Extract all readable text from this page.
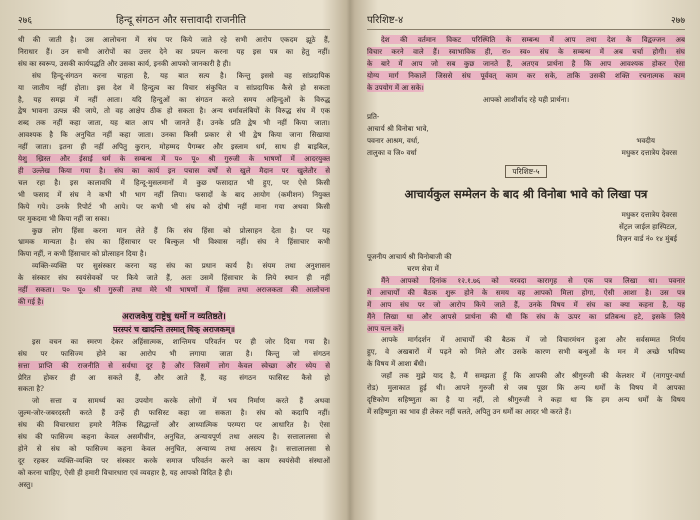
२७६	हिन्दू संगठन और सत्तावादी राजनीति
थी की जाती है। उस आलोचना में संघ पर किये जाते रहे सभी आरोप एकदम झूठे हैं,
निराधार हैं। उन सभी आरोपों का उत्तर देने का प्रयत्न करना यह इस पत्र का हेतु नहीं।
संघ का स्वरूप, उसकी कार्यपद्धति और उसका कार्य, इनकी आपको जानकारी है ही।
संघ हिन्दू-संगठन करना चाहता है, यह बात सत्य है। किन्तु इससे वह सांप्रदायिक
या जातीय नहीं होता। इस देश में हिन्दुत्व का विचार संकुचित व सांप्रदायिक कैसे हो सकता
है, यह समझ में नहीं आता। यदि हिन्दुओं का संगठन करते समय अहिन्दुओं के विरुद्ध
द्वेष भावना उत्पन्न की जाये, तो वह आक्षेप ठीक हो सकता है। अन्य धर्मावलंबियों के विरुद्ध संघ में एक
शब्द तक नहीं कहा जाता, यह बात आप भी जानते हैं। उनके प्रति द्वेष भी नहीं किया जाता।
आवश्यक है कि अनुचित नहीं कहा जाता। उनका किसी प्रकार से भी द्वेष किया जाना सिखाया
नहीं जाता। इतना ही नहीं अपितु कुरान, मोहम्मद पैगम्बर और इस्लाम धर्म, साथ ही बाइबिल,
येशु ख्रिस्त और ईसाई धर्म के सम्बन्ध में प० पू० श्री गुरुजी के भाषणों में आदरयुक्त
ही उल्लेख किया गया है। संघ का कार्य इन पचास वर्षों से खुले मैदान पर खुलेतौर से
चल रहा है। इस कालावधि में हिन्दू-मुसलमानों में कुछ फसादात भी हुए, पर ऐसे किसी
भी फसाद में संघ ने कभी भी भाग नहीं लिया। फसादों के बाद आयोग (कमीशन) नियुक्त
किये गये। उनके रिपोर्ट भी आये। पर कभी भी संघ को दोषी नहीं माना गया अथवा किसी
पर मुकदमा भी किया नहीं जा सका।
कुछ लोग हिंसा करना मान लेते हैं कि संघ हिंसा को प्रोत्साहन देता है। पर यह
भ्रामक मान्यता है। संघ का हिंसाचार पर बिल्कुल भी विश्वास नहीं। संघ ने हिंसाचार कभी
किया नहीं, न कभी हिंसाचार को प्रोत्साहन दिया है।
व्यक्ति-व्यक्ति पर सुसंस्कार करना यह संघ का प्रधान कार्य है। संयम तथा अनुशासन
के संस्कार संघ स्वयंसेवकों पर किये जाते हैं, अतः उसमें हिंसाचार के लिये स्थान ही नहीं
नहीं सकता। प० पू० श्री गुरुजी तथा मेरे भी भाषणों में हिंसा तथा अराजकता की आलोचना
की गई है।

अराजकेषु राष्ट्रेषु धर्मो न व्यतिष्ठते।

परस्परं च खादन्ति तस्मात् धिक् अराजकम्॥

इस वचन का स्मरण देकर अहिंसात्मक, शान्तिमय परिवर्तन पर ही जोर दिया गया है।
संघ पर फासिज्म होने का आरोप भी लगाया जाता है। किन्तु जो संगठन
सत्ता प्राप्ति की राजनीति से सर्वथा दूर है और जिसमें लोग केवल स्वेच्छा और ध्येय से
प्रेरित होकर ही आ सकते हैं, और आते हैं, वह संगठन फासिस्ट कैसे हो
सकता है?
जो सत्ता व सामर्थ्य का उपयोग करके लोगों में भय निर्माण करते हैं अथवा
जुल्म-जोर-जबरदस्ती करते हैं उन्हें ही फासिस्ट कहा जा सकता है। संघ को कदापि नहीं।
संघ की विचारधारा हमारे नैतिक सिद्धान्तों और आध्यात्मिक परम्परा पर आधारित है। ऐसा
संघ की फासिज्म कहना केवल असमीचीन, अनुचित, अन्यायपूर्ण तथा असत्य है। सत्तालालसा से
होने से संघ को फासिज्म कहना केवल अनुचित, अन्याय्य तथा असत्य है। सत्तालालसा से
दूर रहकर व्यक्ति-व्यक्ति पर संस्कार करके समाज परिवर्तन करने का काम स्वयंसेवी संस्थाओं
को करना चाहिए, ऐसी ही हमारी विचारधारा एवं व्यवहार है, यह आपको विदित है ही।
अस्तु।
परिशिष्ट-४	२७७
देश की वर्तमान विकट परिस्थिति के सम्बन्ध में आप तथा देश के विद्वज्जन अब
विचार करने वाले हैं। स्वाभाविक ही, रा० स्व० संघ के सम्बन्ध में अब चर्चा होगी। संघ
के बारे में आप जो सब कुछ जानते हैं, अतएव प्रार्थना है कि आप आवश्यक होकर ऐसा
योग्य मार्ग निकालें जिससे संघ पूर्ववत् काम कर सके, ताकि उसकी शक्ति रचनात्मक काम
के उपयोग में आ सके।

आपको आशीर्वाद रहे यही प्रार्थना।

प्रति-

आचार्य श्री विनोबा भावे,
पवनार आश्रम, वर्धा,	भवदीय
तालुका व जि० वर्धा	मधुकर दत्तात्रेय देवरस

परिशिष्ट-५

आचार्यकुल सम्मेलन के बाद श्री विनोबा भावे को लिखा पत्र

मधुकर दत्तात्रेय देवरस
सेंट्रल जाईल हास्पिटल,
विज़न वार्ड नं० १४ मुंबई

पूजनीय आचार्य श्री विनोबाजी की

चरण सेवा में

मैंने आपको दिनांक १२.१.७६ को यरवदा कारागृह से एक पत्र लिखा था। पवनार
में आचार्यों की बैठक शुरू होने के समय वह आपको मिला होगा, ऐसी आशा है। उस पत्र
में आप संघ पर जो आरोप किये जाते हैं, उनके विषय में संघ का क्या कहना है, यह
मैंने लिखा था और आपसे प्रार्थना की थी कि संघ के ऊपर का प्रतिबन्ध हटे, इसके लिये
आप यत्न करें।
आपके मार्गदर्शन में आचार्यों की बैठक में जो विचारमंथन हुआ और सर्वसम्मत निर्णय
हुए, वे अखबारों में पढ़ने को मिले और उसके कारण सभी बन्धुओं के मन में अच्छे भविष्य
के विषय में आशा बँधी।
जहाँ तक मुझे याद है, मैं समझता हूँ कि आपकी और श्रीगुरुजी की केलशर में (नागपुर-वर्धा
रोड) मुलाकात हुई थी। आपने गुरुजी से जब पूछा कि अन्य धर्मों के विषय में आपका
दृष्टिकोण सहिष्णुता का है या नहीं, तो श्रीगुरुजी ने कहा था कि हम अन्य धर्मों के विषय
में सहिष्णुता का भाव ही लेकर नहीं चलते, अपितु उन धर्मों का आदर भी करते हैं।
